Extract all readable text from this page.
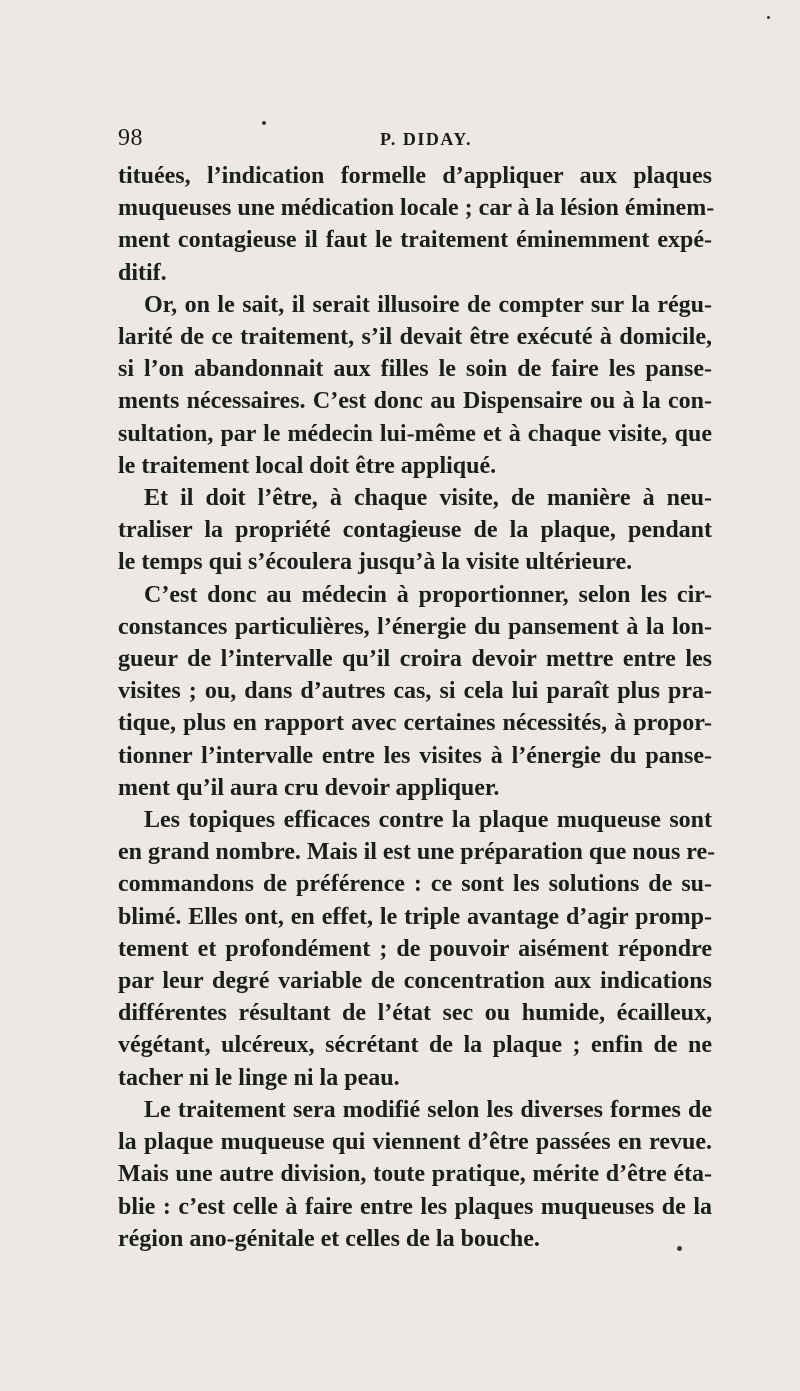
98	P. DIDAY.

tituées, l’indication formelle d’appliquer aux plaques
muqueuses une médication locale ; car à la lésion éminem-
ment contagieuse il faut le traitement éminemment expé-
ditif.

Or, on le sait, il serait illusoire de compter sur la régu-
larité de ce traitement, s’il devait être exécuté à domicile,
si l’on abandonnait aux filles le soin de faire les panse-
ments nécessaires. C’est donc au Dispensaire ou à la con-
sultation, par le médecin lui-même et à chaque visite, que
le traitement local doit être appliqué.

Et il doit l’être, à chaque visite, de manière à neu-
traliser la propriété contagieuse de la plaque, pendant
le temps qui s’écoulera jusqu’à la visite ultérieure.

C’est donc au médecin à proportionner, selon les cir-
constances particulières, l’énergie du pansement à la lon-
gueur de l’intervalle qu’il croira devoir mettre entre les
visites ; ou, dans d’autres cas, si cela lui paraît plus pra-
tique, plus en rapport avec certaines nécessités, à propor-
tionner l’intervalle entre les visites à l’énergie du panse-
ment qu’il aura cru devoir appliquer.

Les topiques efficaces contre la plaque muqueuse sont
en grand nombre. Mais il est une préparation que nous re-
commandons de préférence : ce sont les solutions de su-
blimé. Elles ont, en effet, le triple avantage d’agir promp-
tement et profondément ; de pouvoir aisément répondre
par leur degré variable de concentration aux indications
différentes résultant de l’état sec ou humide, écailleux,
végétant, ulcéreux, sécrétant de la plaque ; enfin de ne
tacher ni le linge ni la peau.

Le traitement sera modifié selon les diverses formes de
la plaque muqueuse qui viennent d’être passées en revue.
Mais une autre division, toute pratique, mérite d’être éta-
blie : c’est celle à faire entre les plaques muqueuses de la
région ano-génitale et celles de la bouche.
